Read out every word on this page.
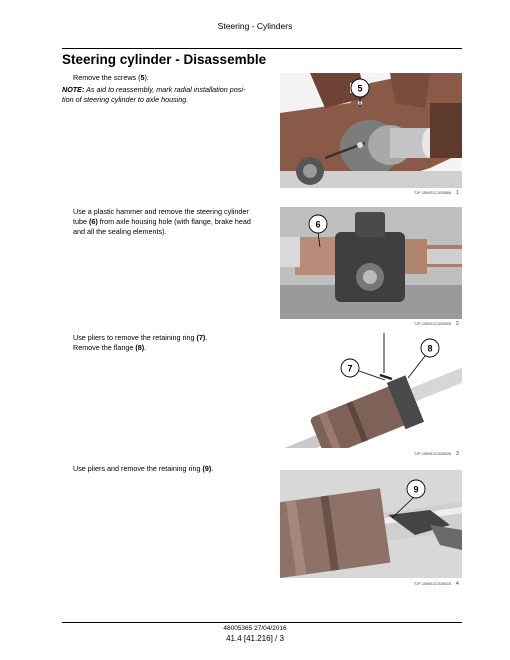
Steering - Cylinders
Steering cylinder - Disassemble
Remove the screws (5).
NOTE: As aid to reassembly, mark radial installation posi-
tion of steering cylinder to axle housing.
5
TJP-15WGCC02058B 1
Use a plastic hammer and remove the steering cylinder
tube (6) from axle housing hole (with flange, brake head
and all the sealing elements).
6
TJP-15WGCC02059B 2
Use pliers to remove the retaining ring (7).
Remove the flange (8).	8
7
TJP-15WGCC02060B 3
Use pliers and remove the retaining ring (9).
9
TJP-15WGCC02061B 4
48005365 27/04/2016
41.4 [41.216] / 3
